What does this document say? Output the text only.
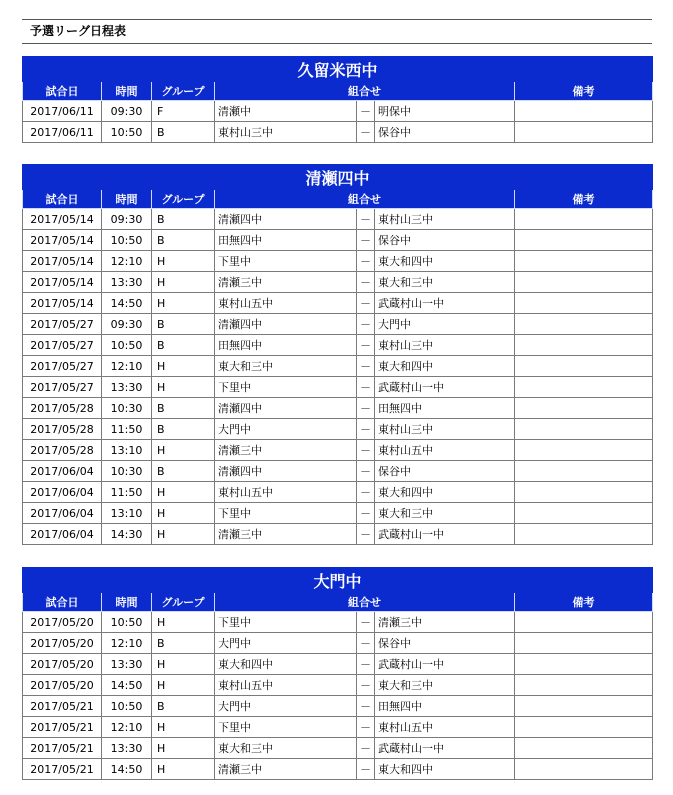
予選リーグ日程表
久留米西中						
試合日	時間	グループ	組合せ			備考
2017/06/11	09:30	F	清瀬中	－	明保中	
2017/06/11	10:50	B	東村山三中	－	保谷中	
清瀬四中						
試合日	時間	グループ	組合せ			備考
2017/05/14	09:30	B	清瀬四中	－	東村山三中	
2017/05/14	10:50	B	田無四中	－	保谷中	
2017/05/14	12:10	H	下里中	－	東大和四中	
2017/05/14	13:30	H	清瀬三中	－	東大和三中	
2017/05/14	14:50	H	東村山五中	－	武蔵村山一中	
2017/05/27	09:30	B	清瀬四中	－	大門中	
2017/05/27	10:50	B	田無四中	－	東村山三中	
2017/05/27	12:10	H	東大和三中	－	東大和四中	
2017/05/27	13:30	H	下里中	－	武蔵村山一中	
2017/05/28	10:30	B	清瀬四中	－	田無四中	
2017/05/28	11:50	B	大門中	－	東村山三中	
2017/05/28	13:10	H	清瀬三中	－	東村山五中	
2017/06/04	10:30	B	清瀬四中	－	保谷中	
2017/06/04	11:50	H	東村山五中	－	東大和四中	
2017/06/04	13:10	H	下里中	－	東大和三中	
2017/06/04	14:30	H	清瀬三中	－	武蔵村山一中	
大門中						
試合日	時間	グループ	組合せ			備考
2017/05/20	10:50	H	下里中	－	清瀬三中	
2017/05/20	12:10	B	大門中	－	保谷中	
2017/05/20	13:30	H	東大和四中	－	武蔵村山一中	
2017/05/20	14:50	H	東村山五中	－	東大和三中	
2017/05/21	10:50	B	大門中	－	田無四中	
2017/05/21	12:10	H	下里中	－	東村山五中	
2017/05/21	13:30	H	東大和三中	－	武蔵村山一中	
2017/05/21	14:50	H	清瀬三中	－	東大和四中	
